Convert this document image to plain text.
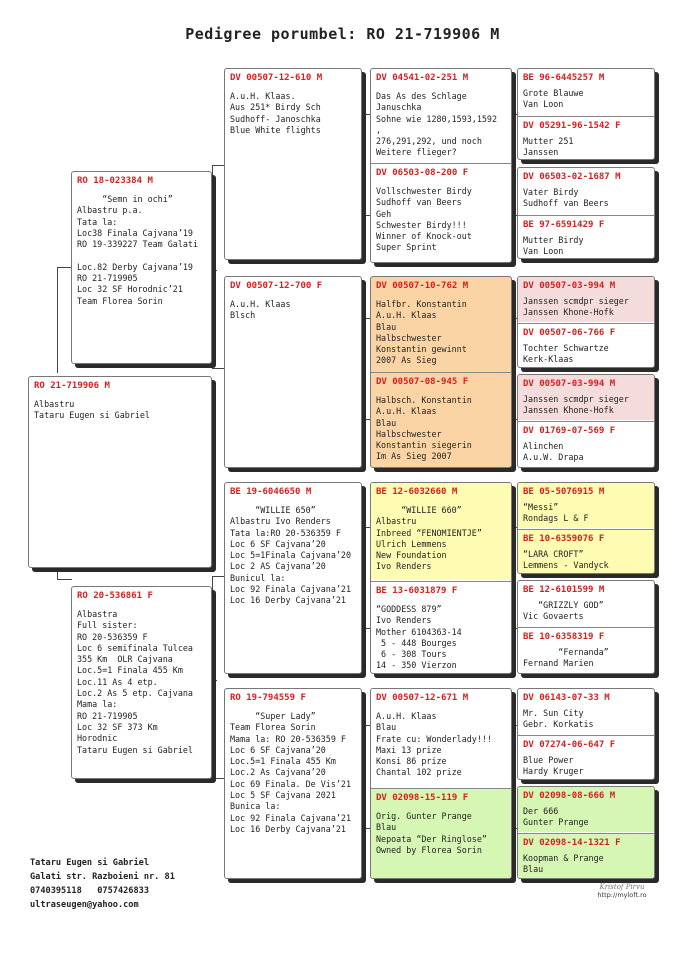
Pedigree porumbel: RO 21-719906 M
RO 21-719906 M
Albastru
Tataru Eugen si Gabriel
RO 18-023384 M
“Semn in ochi”
Albastru p.a.
Tata la:
Loc38 Finala Cajvana’19
RO 19-339227 Team Galati

Loc.82 Derby Cajvana’19
RO 21-719905
Loc 32 SF Horodnic’21
Team Florea Sorin
RO 20-536861 F
Albastra
Full sister:
RO 20-536359 F
Loc 6 semifinala Tulcea
355 Km  OLR Cajvana
Loc.5=1 Finala 455 Km
Loc.11 As 4 etp.
Loc.2 As 5 etp. Cajvana
Mama la:
RO 21-719905
Loc 32 SF 373 Km
Horodnic
Tataru Eugen si Gabriel
DV 00507-12-610 M
A.u.H. Klaas.
Aus 251* Birdy Sch
Sudhoff- Janoschka
Blue White flights
DV 00507-12-700 F
A.u.H. Klaas
Blsch
BE 19-6046650 M
“WILLIE 650”
Albastru Ivo Renders
Tata la:RO 20-536359 F
Loc 6 SF Cajvana’20
Loc 5=1Finala Cajvana’20
Loc 2 AS Cajvana’20
Bunicul la:
Loc 92 Finala Cajvana’21
Loc 16 Derby Cajvana’21
RO 19-794559 F
“Super Lady”
Team Florea Sorin
Mama la: RO 20-536359 F
Loc 6 SF Cajvana’20
Loc.5=1 Finala 455 Km
Loc.2 As Cajvana’20
Loc 69 Finala. De Vis’21
Loc 5 SF Cajvana 2021
Bunica la:
Loc 92 Finala Cajvana’21
Loc 16 Derby Cajvana’21
DV 04541-02-251 M
Das As des Schlage
Januschka
Sohne wie 1280,1593,1592
,
276,291,292, und noch
Weitere flieger?
DV 06503-08-200 F
Vollschwester Birdy
Sudhoff van Beers
Geh
Schwester Birdy!!!
Winner of Knock-out
Super Sprint
DV 00507-10-762 M
Halfbr. Konstantin
A.u.H. Klaas
Blau
Halbschwester
Konstantin gewinnt
2007 As Sieg
DV 00507-08-945 F
Halbsch. Konstantin
A.u.H. Klaas
Blau
Halbschwester
Konstantin siegerin
Im As Sieg 2007
BE 12-6032660 M
“WILLIE 660”
Albastru
Inbreed “FENOMIENTJE”
Ulrich Lemmens
New Foundation
Ivo Renders
BE 13-6031879 F
“GODDESS 879”
Ivo Renders
Mother 6104363-14
5 - 448 Bourges
6 - 308 Tours
14 - 350 Vierzon
DV 00507-12-671 M
A.u.H. Klaas
Blau
Frate cu: Wonderlady!!!
Maxi 13 prize
Konsi 86 prize
Chantal 102 prize
DV 02098-15-119 F
Orig. Gunter Prange
Blau
Nepoata “Der Ringlose”
Owned by Florea Sorin
BE 96-6445257 M
Grote Blauwe
Van Loon
DV 05291-96-1542 F
Mutter 251
Janssen
DV 06503-02-1687 M
Vater Birdy
Sudhoff van Beers
BE 97-6591429 F
Mutter Birdy
Van Loon
DV 00507-03-994 M
Janssen scmdpr sieger
Janssen Khone-Hofk
DV 00507-06-766 F
Tochter Schwartze
Kerk-Klaas
DV 00507-03-994 M
Janssen scmdpr sieger
Janssen Khone-Hofk
DV 01769-07-569 F
Alinchen
A.u.W. Drapa
BE 05-5076915 M
“Messi”
Rondags L & F
BE 10-6359076 F
“LARA CROFT”
Lemmens - Vandyck
BE 12-6101599 M
“GRIZZLY GOD”
Vic Govaerts
BE 10-6358319 F
“Fernanda”
Fernand Marien
DV 06143-07-33 M
Mr. Sun City
Gebr. Korkatis
DV 07274-06-647 F
Blue Power
Hardy Kruger
DV 02098-08-666 M
Der 666
Gunter Prange
DV 02098-14-1321 F
Koopman & Prange
Blau
Tataru Eugen si Gabriel
Galati str. Razboieni nr. 81
0740395118   0757426833
ultraseugen@yahoo.com
Kristof Pirvu
http://myloft.ro
